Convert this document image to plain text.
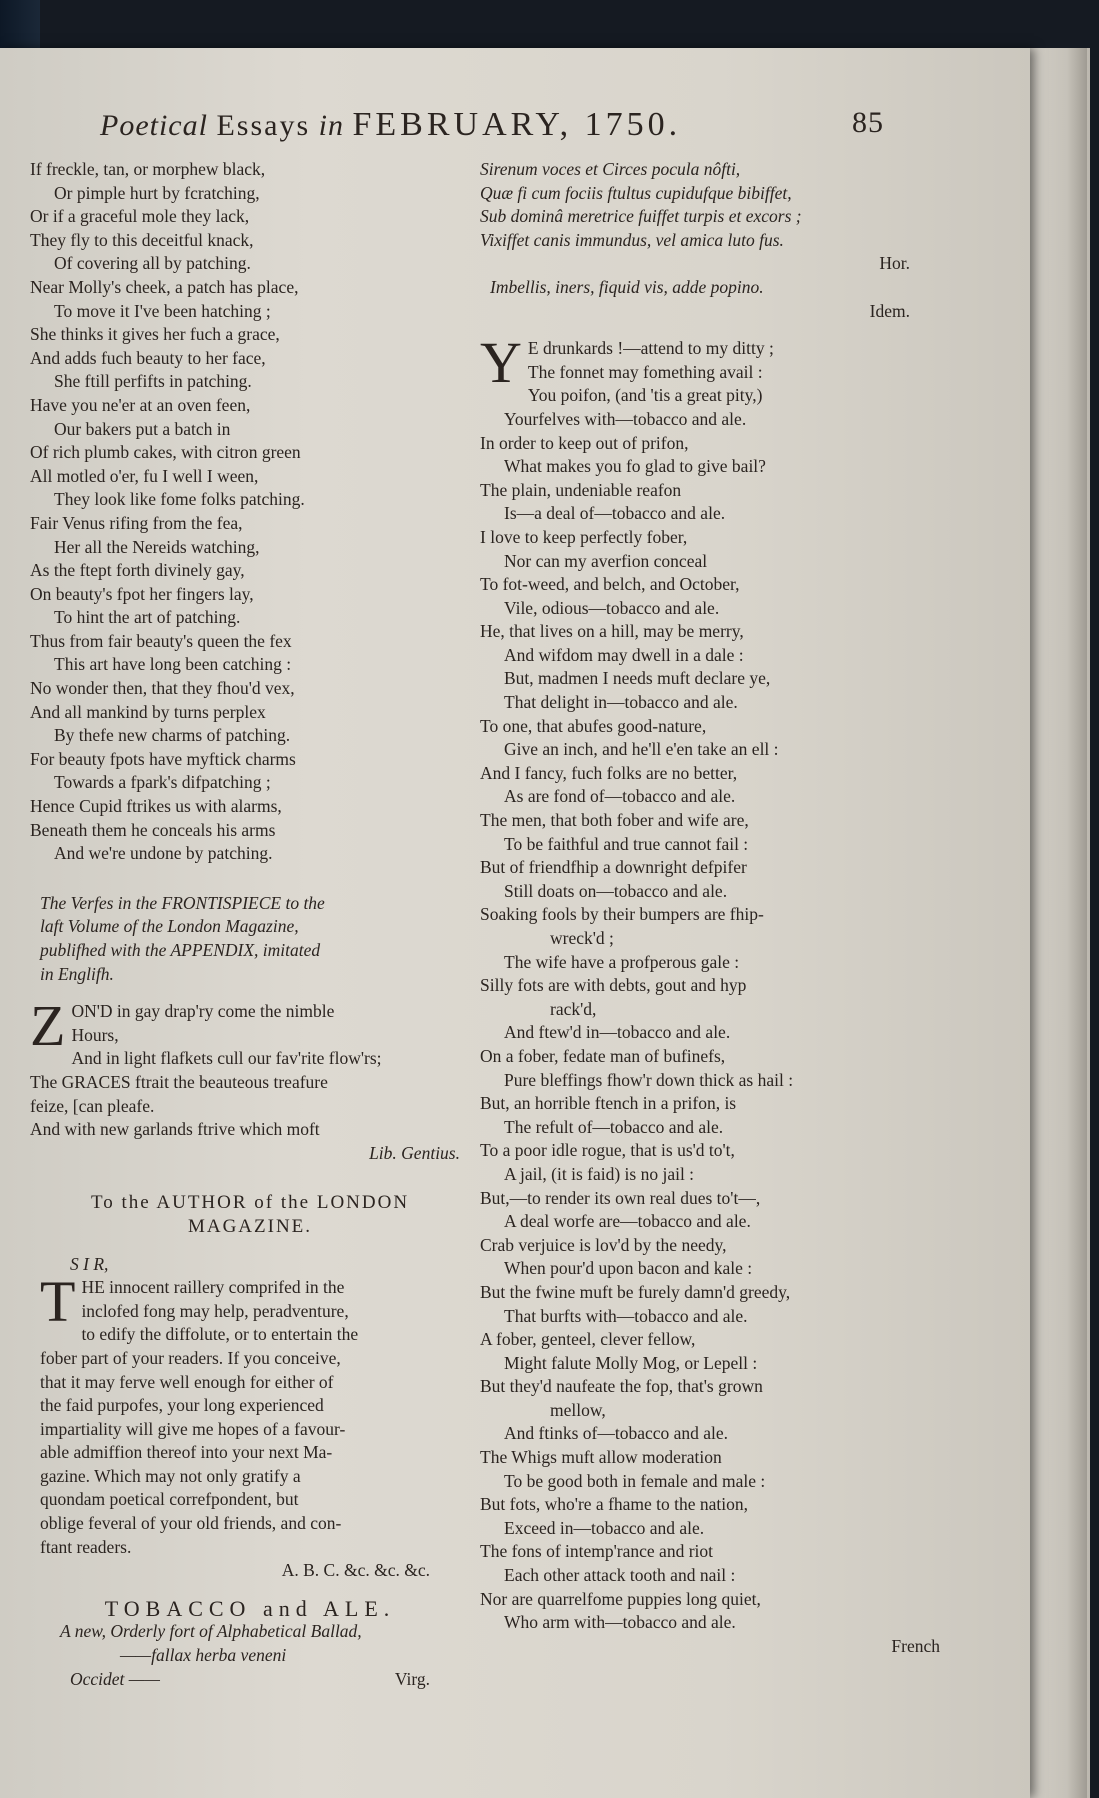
Poetical Essays in FEBRUARY, 1750.	85
If freckle, tan, or morphew black,
Or pimple hurt by fcratching,
Or if a graceful mole they lack,
They fly to this deceitful knack,
Of covering all by patching.
Near Molly's cheek, a patch has place,
To move it I've been hatching ;
She thinks it gives her fuch a grace,
And adds fuch beauty to her face,
She ftill perfifts in patching.
Have you ne'er at an oven feen,
Our bakers put a batch in
Of rich plumb cakes, with citron green
All motled o'er, fu I well I ween,
They look like fome folks patching.
Fair Venus rifing from the fea,
Her all the Nereids watching,
As the ftept forth divinely gay,
On beauty's fpot her fingers lay,
To hint the art of patching.
Thus from fair beauty's queen the fex
This art have long been catching :
No wonder then, that they fhou'd vex,
And all mankind by turns perplex
By thefe new charms of patching.
For beauty fpots have myftick charms
Towards a fpark's difpatching ;
Hence Cupid ftrikes us with alarms,
Beneath them he conceals his arms
And we're undone by patching.
The Verfes in the FRONTISPIECE to the
laft Volume of the London Magazine,
publifhed with the APPENDIX, imitated
in Englifh.
Z ON'D in gay drap'ry come the nimble
Hours,
And in light flafkets cull our fav'rite flow'rs;
The GRACES ftrait the beauteous treafure
feize, [can pleafe.
And with new garlands ftrive which moft
Lib. Gentius.
To the AUTHOR of the LONDON
MAGAZINE.
S I R,
T HE innocent raillery comprifed in the
inclofed fong may help, peradventure,
to edify the diffolute, or to entertain the
fober part of your readers. If you conceive,
that it may ferve well enough for either of
the faid purpofes, your long experienced
impartiality will give me hopes of a favour-
able admiffion thereof into your next Ma-
gazine. Which may not only gratify a
quondam poetical correfpondent, but
oblige feveral of your old friends, and con-
ftant readers.
A. B. C. &c. &c. &c.
TOBACCO and ALE.
A new, Orderly fort of Alphabetical Ballad,
——fallax herba veneni
Occidet ——	Virg.
Sirenum voces et Circes pocula nôfti,
Quæ fi cum fociis ftultus cupidufque bibiffet,
Sub dominâ meretrice fuiffet turpis et excors ;
Vixiffet canis immundus, vel amica luto fus.
Hor.
Imbellis, iners, fiquid vis, adde popino.
Idem.
Y E drunkards !—attend to my ditty ;
The fonnet may fomething avail :
You poifon, (and 'tis a great pity,)
Yourfelves with—tobacco and ale.
In order to keep out of prifon,
What makes you fo glad to give bail?
The plain, undeniable reafon
Is—a deal of—tobacco and ale.
I love to keep perfectly fober,
Nor can my averfion conceal
To fot-weed, and belch, and October,
Vile, odious—tobacco and ale.
He, that lives on a hill, may be merry,
And wifdom may dwell in a dale :
But, madmen I needs muft declare ye,
That delight in—tobacco and ale.
To one, that abufes good-nature,
Give an inch, and he'll e'en take an ell :
And I fancy, fuch folks are no better,
As are fond of—tobacco and ale.
The men, that both fober and wife are,
To be faithful and true cannot fail :
But of friendfhip a downright defpifer
Still doats on—tobacco and ale.
Soaking fools by their bumpers are fhip-
wreck'd ;
The wife have a profperous gale :
Silly fots are with debts, gout and hyp
rack'd,
And ftew'd in—tobacco and ale.
On a fober, fedate man of bufinefs,
Pure bleffings fhow'r down thick as hail :
But, an horrible ftench in a prifon, is
The refult of—tobacco and ale.
To a poor idle rogue, that is us'd to't,
A jail, (it is faid) is no jail :
But,—to render its own real dues to't—,
A deal worfe are—tobacco and ale.
Crab verjuice is lov'd by the needy,
When pour'd upon bacon and kale :
But the fwine muft be furely damn'd greedy,
That burfts with—tobacco and ale.
A fober, genteel, clever fellow,
Might falute Molly Mog, or Lepell :
But they'd naufeate the fop, that's grown
mellow,
And ftinks of—tobacco and ale.
The Whigs muft allow moderation
To be good both in female and male :
But fots, who're a fhame to the nation,
Exceed in—tobacco and ale.
The fons of intemp'rance and riot
Each other attack tooth and nail :
Nor are quarrelfome puppies long quiet,
Who arm with—tobacco and ale.
French
